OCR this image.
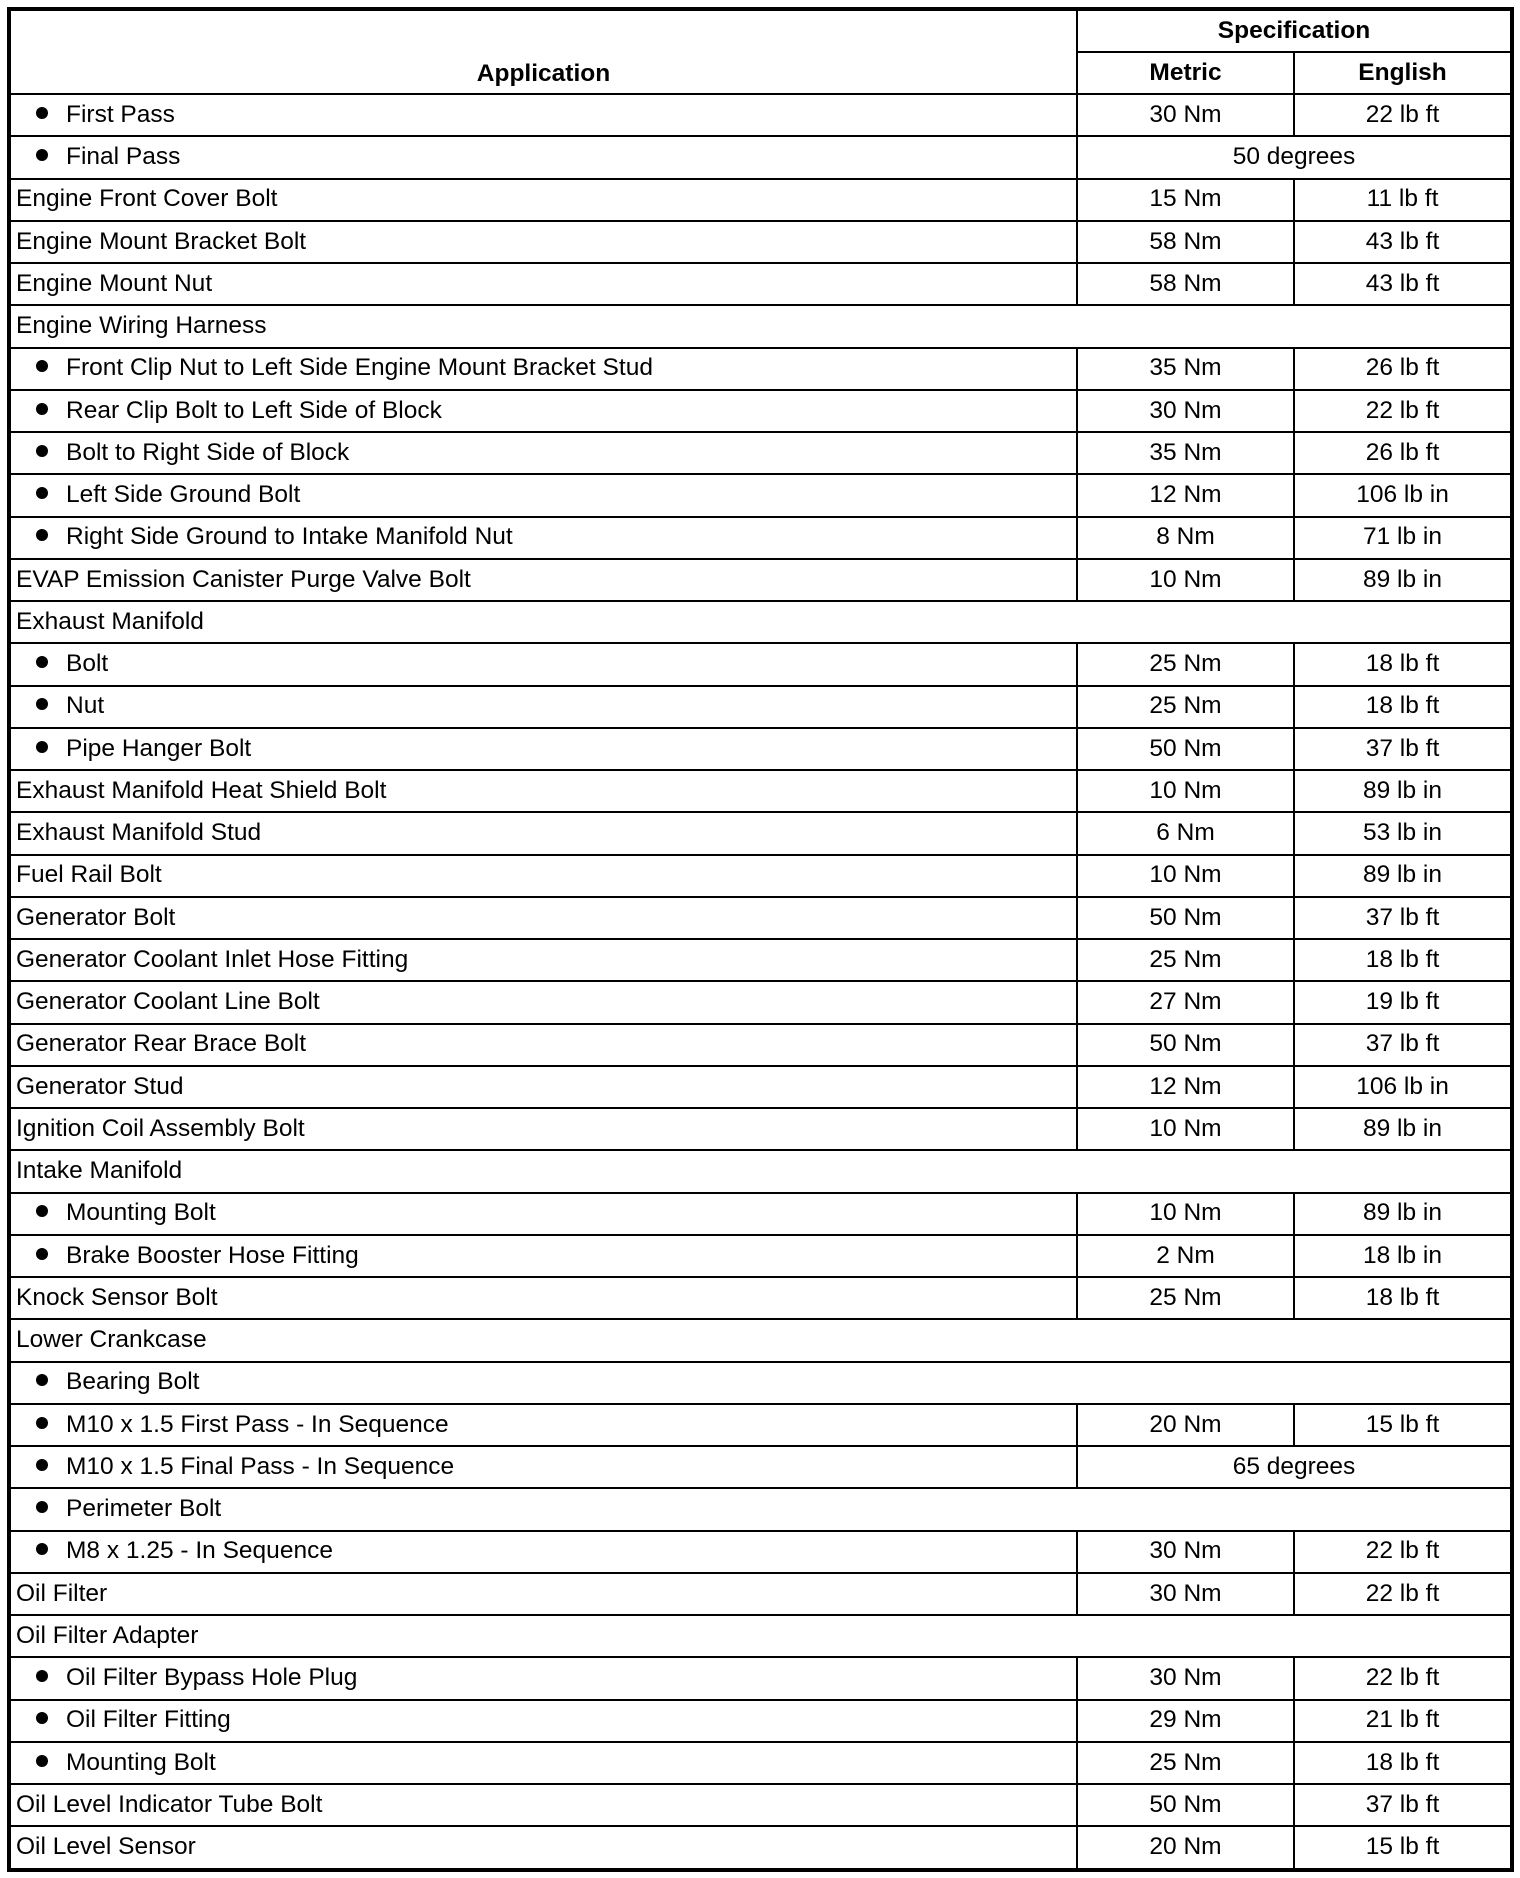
Application	Specification	
	Metric	English
First Pass	30 Nm	22 lb ft
Final Pass	50 degrees	
Engine Front Cover Bolt	15 Nm	11 lb ft
Engine Mount Bracket Bolt	58 Nm	43 lb ft
Engine Mount Nut	58 Nm	43 lb ft
Engine Wiring Harness		
Front Clip Nut to Left Side Engine Mount Bracket Stud	35 Nm	26 lb ft
Rear Clip Bolt to Left Side of Block	30 Nm	22 lb ft
Bolt to Right Side of Block	35 Nm	26 lb ft
Left Side Ground Bolt	12 Nm	106 lb in
Right Side Ground to Intake Manifold Nut	8 Nm	71 lb in
EVAP Emission Canister Purge Valve Bolt	10 Nm	89 lb in
Exhaust Manifold		
Bolt	25 Nm	18 lb ft
Nut	25 Nm	18 lb ft
Pipe Hanger Bolt	50 Nm	37 lb ft
Exhaust Manifold Heat Shield Bolt	10 Nm	89 lb in
Exhaust Manifold Stud	6 Nm	53 lb in
Fuel Rail Bolt	10 Nm	89 lb in
Generator Bolt	50 Nm	37 lb ft
Generator Coolant Inlet Hose Fitting	25 Nm	18 lb ft
Generator Coolant Line Bolt	27 Nm	19 lb ft
Generator Rear Brace Bolt	50 Nm	37 lb ft
Generator Stud	12 Nm	106 lb in
Ignition Coil Assembly Bolt	10 Nm	89 lb in
Intake Manifold		
Mounting Bolt	10 Nm	89 lb in
Brake Booster Hose Fitting	2 Nm	18 lb in
Knock Sensor Bolt	25 Nm	18 lb ft
Lower Crankcase		
Bearing Bolt		
M10 x 1.5 First Pass - In Sequence	20 Nm	15 lb ft
M10 x 1.5 Final Pass - In Sequence	65 degrees	
Perimeter Bolt		
M8 x 1.25 - In Sequence	30 Nm	22 lb ft
Oil Filter	30 Nm	22 lb ft
Oil Filter Adapter		
Oil Filter Bypass Hole Plug	30 Nm	22 lb ft
Oil Filter Fitting	29 Nm	21 lb ft
Mounting Bolt	25 Nm	18 lb ft
Oil Level Indicator Tube Bolt	50 Nm	37 lb ft
Oil Level Sensor	20 Nm	15 lb ft
